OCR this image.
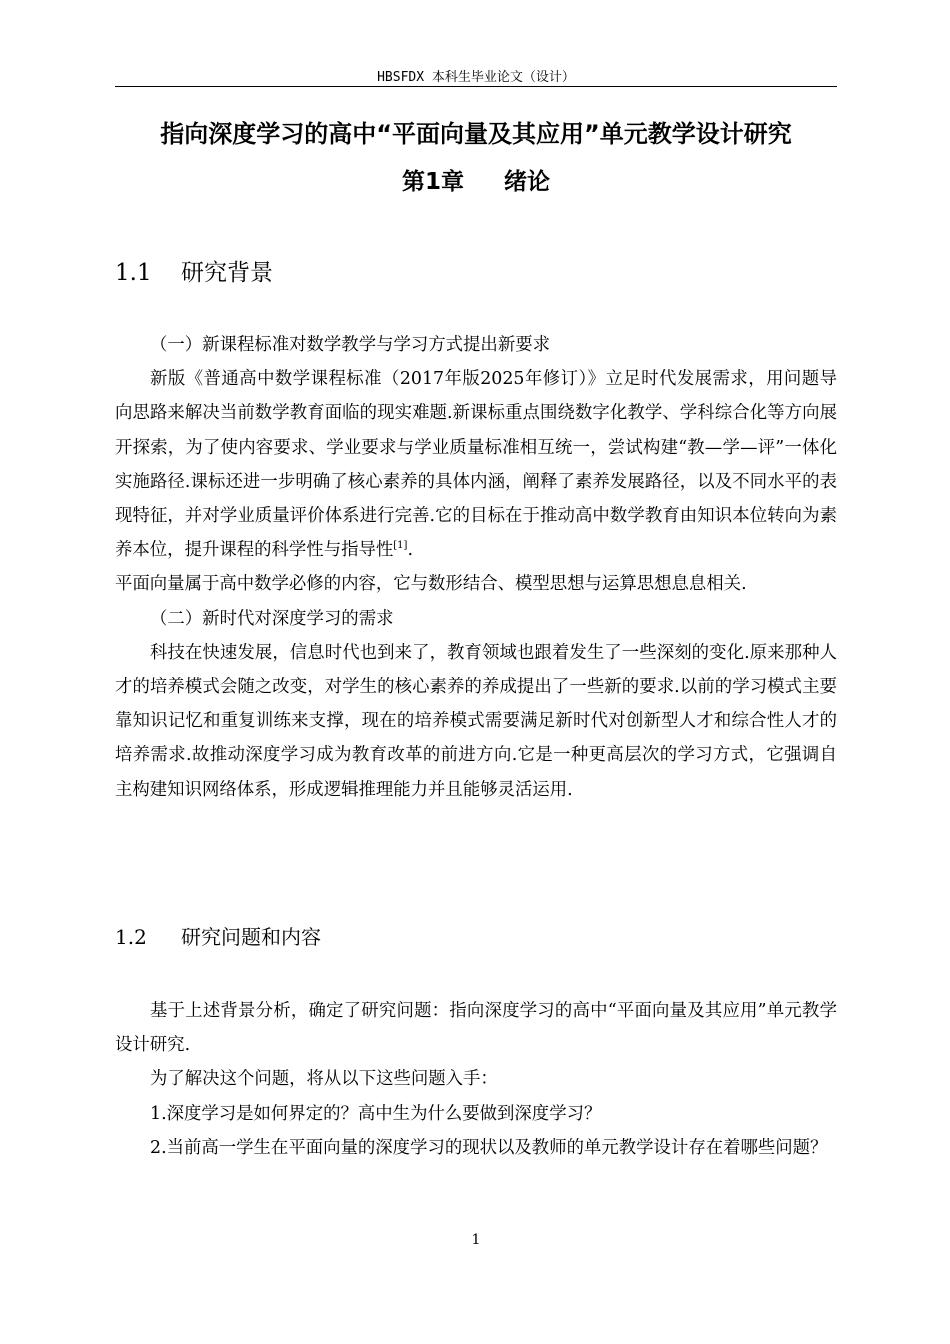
HBSFDX 本科生毕业论文（设计）
指向深度学习的高中“平面向量及其应用”单元教学设计研究
第1章 绪论
1.1 研究背景

（一）新课程标准对数学教学与学习方式提出新要求

新版《普通高中数学课程标准（2017年版2025年修订）》立足时代发展需求，用问题导向思路来解决当前数学教育面临的现实难题.新课标重点围绕数字化教学、学科综合化等方向展开探索，为了使内容要求、学业要求与学业质量标准相互统一，尝试构建“教—学—评”一体化实施路径.课标还进一步明确了核心素养的具体内涵，阐释了素养发展路径，以及不同水平的表现特征，并对学业质量评价体系进行完善.它的目标在于推动高中数学教育由知识本位转向为素养本位，提升课程的科学性与指导性[1].

平面向量属于高中数学必修的内容，它与数形结合、模型思想与运算思想息息相关.

（二）新时代对深度学习的需求

科技在快速发展，信息时代也到来了，教育领域也跟着发生了一些深刻的变化.原来那种人才的培养模式会随之改变，对学生的核心素养的养成提出了一些新的要求.以前的学习模式主要靠知识记忆和重复训练来支撑，现在的培养模式需要满足新时代对创新型人才和综合性人才的培养需求.故推动深度学习成为教育改革的前进方向.它是一种更高层次的学习方式，它强调自主构建知识网络体系，形成逻辑推理能力并且能够灵活运用.

1.2 研究问题和内容

基于上述背景分析，确定了研究问题：指向深度学习的高中“平面向量及其应用”单元教学设计研究.

为了解决这个问题，将从以下这些问题入手：

1.深度学习是如何界定的？高中生为什么要做到深度学习？

2.当前高一学生在平面向量的深度学习的现状以及教师的单元教学设计存在着哪些问题？

1
